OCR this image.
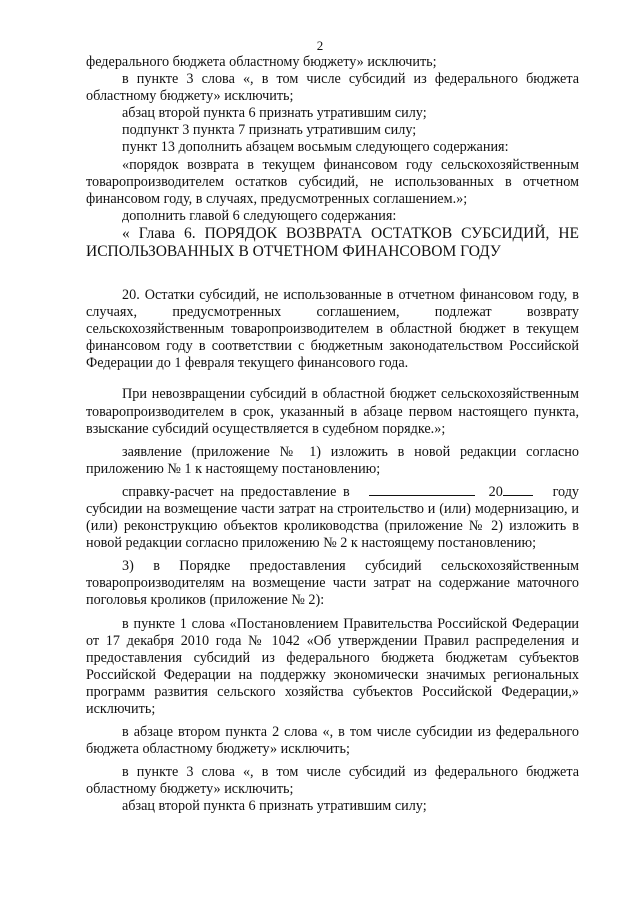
2

федерального бюджета областному бюджету» исключить;

в пункте 3 слова «, в том числе субсидий из федерального бюджета областному бюджету» исключить;

абзац второй пункта 6 признать утратившим силу;

подпункт 3 пункта 7 признать утратившим силу;

пункт 13 дополнить абзацем восьмым следующего содержания:

«порядок возврата в текущем финансовом году сельскохозяйственным товаропроизводителем остатков субсидий, не использованных в отчетном финансовом году, в случаях, предусмотренных соглашением.»;

дополнить главой 6 следующего содержания:

« Глава 6. ПОРЯДОК ВОЗВРАТА ОСТАТКОВ СУБСИДИЙ, НЕ ИСПОЛЬЗОВАННЫХ В ОТЧЕТНОМ ФИНАНСОВОМ ГОДУ

20. Остатки субсидий, не использованные в отчетном финансовом году, в случаях, предусмотренных соглашением, подлежат возврату сельскохозяйственным товаропроизводителем в областной бюджет в текущем финансовом году в соответствии с бюджетным законодательством Российской Федерации до 1 февраля текущего финансового года.

При невозвращении субсидий в областной бюджет сельскохозяйственным товаропроизводителем в срок, указанный в абзаце первом настоящего пункта, взыскание субсидий осуществляется в судебном порядке.»;

заявление (приложение № 1) изложить в новой редакции согласно приложению № 1 к настоящему постановлению;

справку-расчет на предоставление в	20	году субсидии на возмещение части затрат на строительство и (или) модернизацию, и (или) реконструкцию объектов кролиководства (приложение № 2) изложить в новой редакции согласно приложению № 2 к настоящему постановлению;

3) в Порядке предоставления субсидий сельскохозяйственным товаропроизводителям на возмещение части затрат на содержание маточного поголовья кроликов (приложение № 2):

в пункте 1 слова «Постановлением Правительства Российской Федерации от 17 декабря 2010 года № 1042 «Об утверждении Правил распределения и предоставления субсидий из федерального бюджета бюджетам субъектов Российской Федерации на поддержку экономически значимых региональных программ развития сельского хозяйства субъектов Российской Федерации,» исключить;

в абзаце втором пункта 2 слова «, в том числе субсидии из федерального бюджета областному бюджету» исключить;

в пункте 3 слова «, в том числе субсидий из федерального бюджета областному бюджету» исключить;

абзац второй пункта 6 признать утратившим силу;
